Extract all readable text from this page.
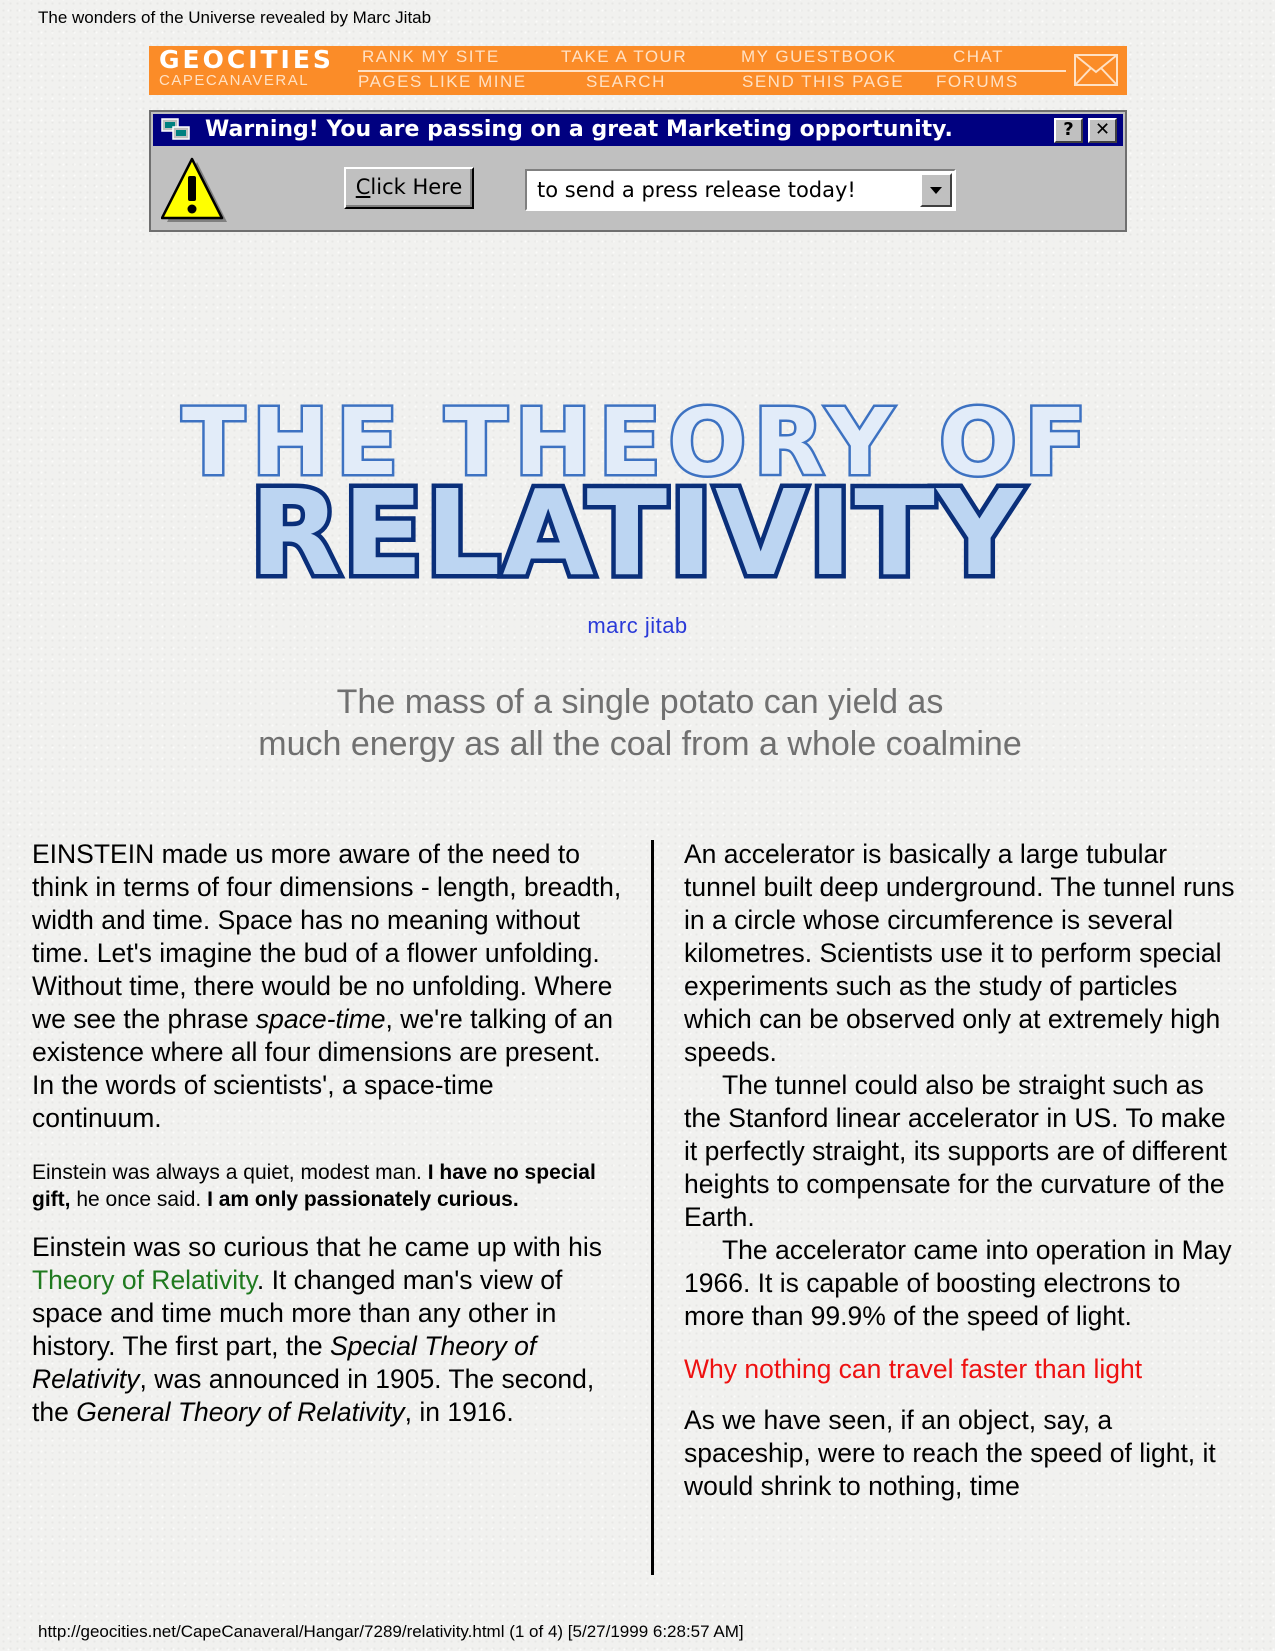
The wonders of the Universe revealed by Marc Jitab
GEOCITIES
CAPECANAVERAL
RANK MY SITE	TAKE A TOUR	MY GUESTBOOK	CHAT
PAGES LIKE MINE	SEARCH	SEND THIS PAGE FORUMS
Warning! You are passing on a great Marketing opportunity.	?	✕
Click Here	to send a press release today!
THE THEORY OF
RELATIVITY
marc jitab
The mass of a single potato can yield as
much energy as all the coal from a whole coalmine

EINSTEIN made us more aware of the need to think in terms of four dimensions - length, breadth, width and time. Space has no meaning without time. Let's imagine the bud of a flower unfolding. Without time, there would be no unfolding. Where we see the phrase space-time, we're talking of an existence where all four dimensions are present. In the words of scientists', a space-time continuum.

Einstein was always a quiet, modest man. I have no special gift, he once said. I am only passionately curious.

Einstein was so curious that he came up with his Theory of Relativity. It changed man's view of space and time much more than any other in history. The first part, the Special Theory of Relativity, was announced in 1905. The second, the General Theory of Relativity, in 1916.

An accelerator is basically a large tubular tunnel built deep underground. The tunnel runs in a circle whose circumference is several kilometres. Scientists use it to perform special experiments such as the study of particles which can be observed only at extremely high speeds.

The tunnel could also be straight such as the Stanford linear accelerator in US. To make it perfectly straight, its supports are of different heights to compensate for the curvature of the Earth.

The accelerator came into operation in May 1966. It is capable of boosting electrons to more than 99.9% of the speed of light.

Why nothing can travel faster than light

As we have seen, if an object, say, a spaceship, were to reach the speed of light, it would shrink to nothing, time

http://geocities.net/CapeCanaveral/Hangar/7289/relativity.html (1 of 4) [5/27/1999 6:28:57 AM]
